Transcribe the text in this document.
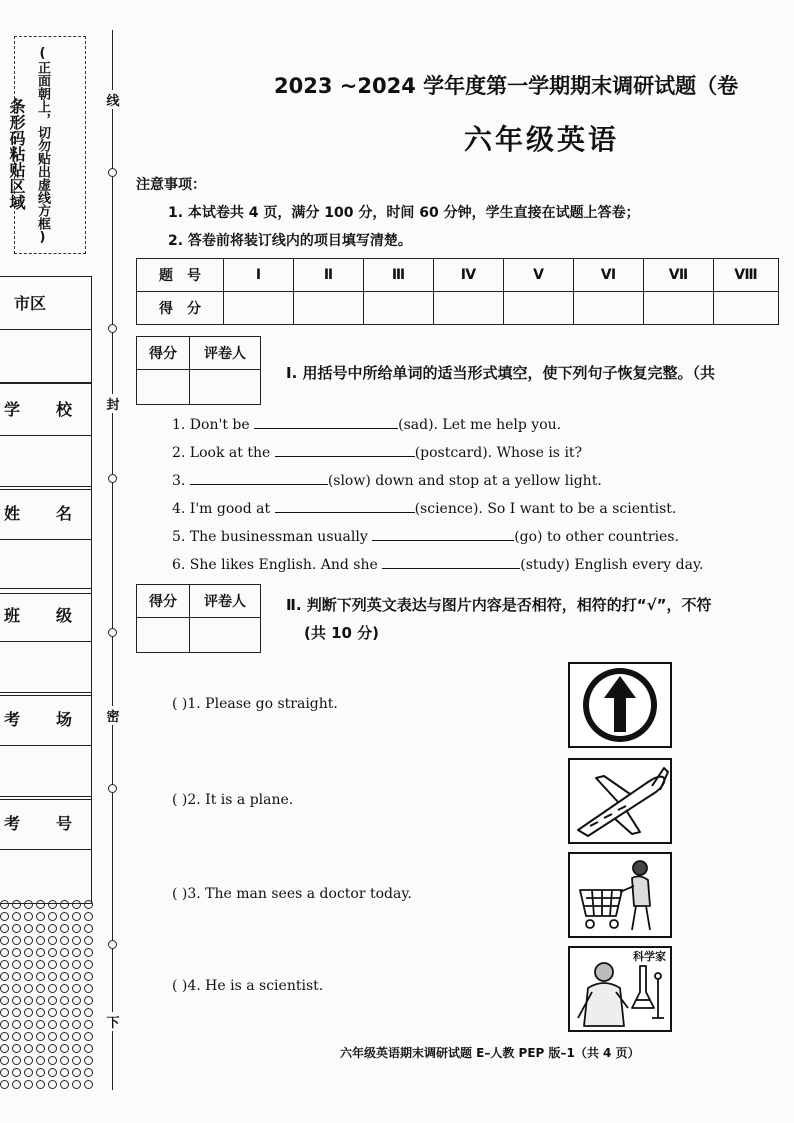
条形码粘贴区域 (正面朝上，切勿贴出虚线方框)
市区
学 校
姓 名
班 级
考 场
考 号
线
封
密
下
2023 ~2024 学年度第一学期期末调研试题（卷
六年级英语
注意事项：
1. 本试卷共 4 页，满分 100 分，时间 60 分钟，学生直接在试题上答卷；
2. 答卷前将装订线内的项目填写清楚。
题　号	Ⅰ	Ⅱ	Ⅲ	Ⅳ	Ⅴ	Ⅵ	Ⅶ	Ⅷ
得　分								
得分	评卷人

Ⅰ. 用括号中所给单词的适当形式填空，使下列句子恢复完整。（共
1. Don't be	(sad). Let me help you.
2. Look at the	(postcard). Whose is it?
3.	(slow) down and stop at a yellow light.
4. I'm good at	(science). So I want to be a scientist.
5. The businessman usually	(go) to other countries.
6. She likes English. And she	(study) English every day.
得分	评卷人
		Ⅱ. 判断下列英文表达与图片内容是否相符，相符的打“√”，不符
(共 10 分)
( )1. Please go straight.
( )2. It is a plane.
( )3. The man sees a doctor today.
( )4. He is a scientist.
科学家
六年级英语期末调研试题 E–人教 PEP 版–1（共 4 页）
